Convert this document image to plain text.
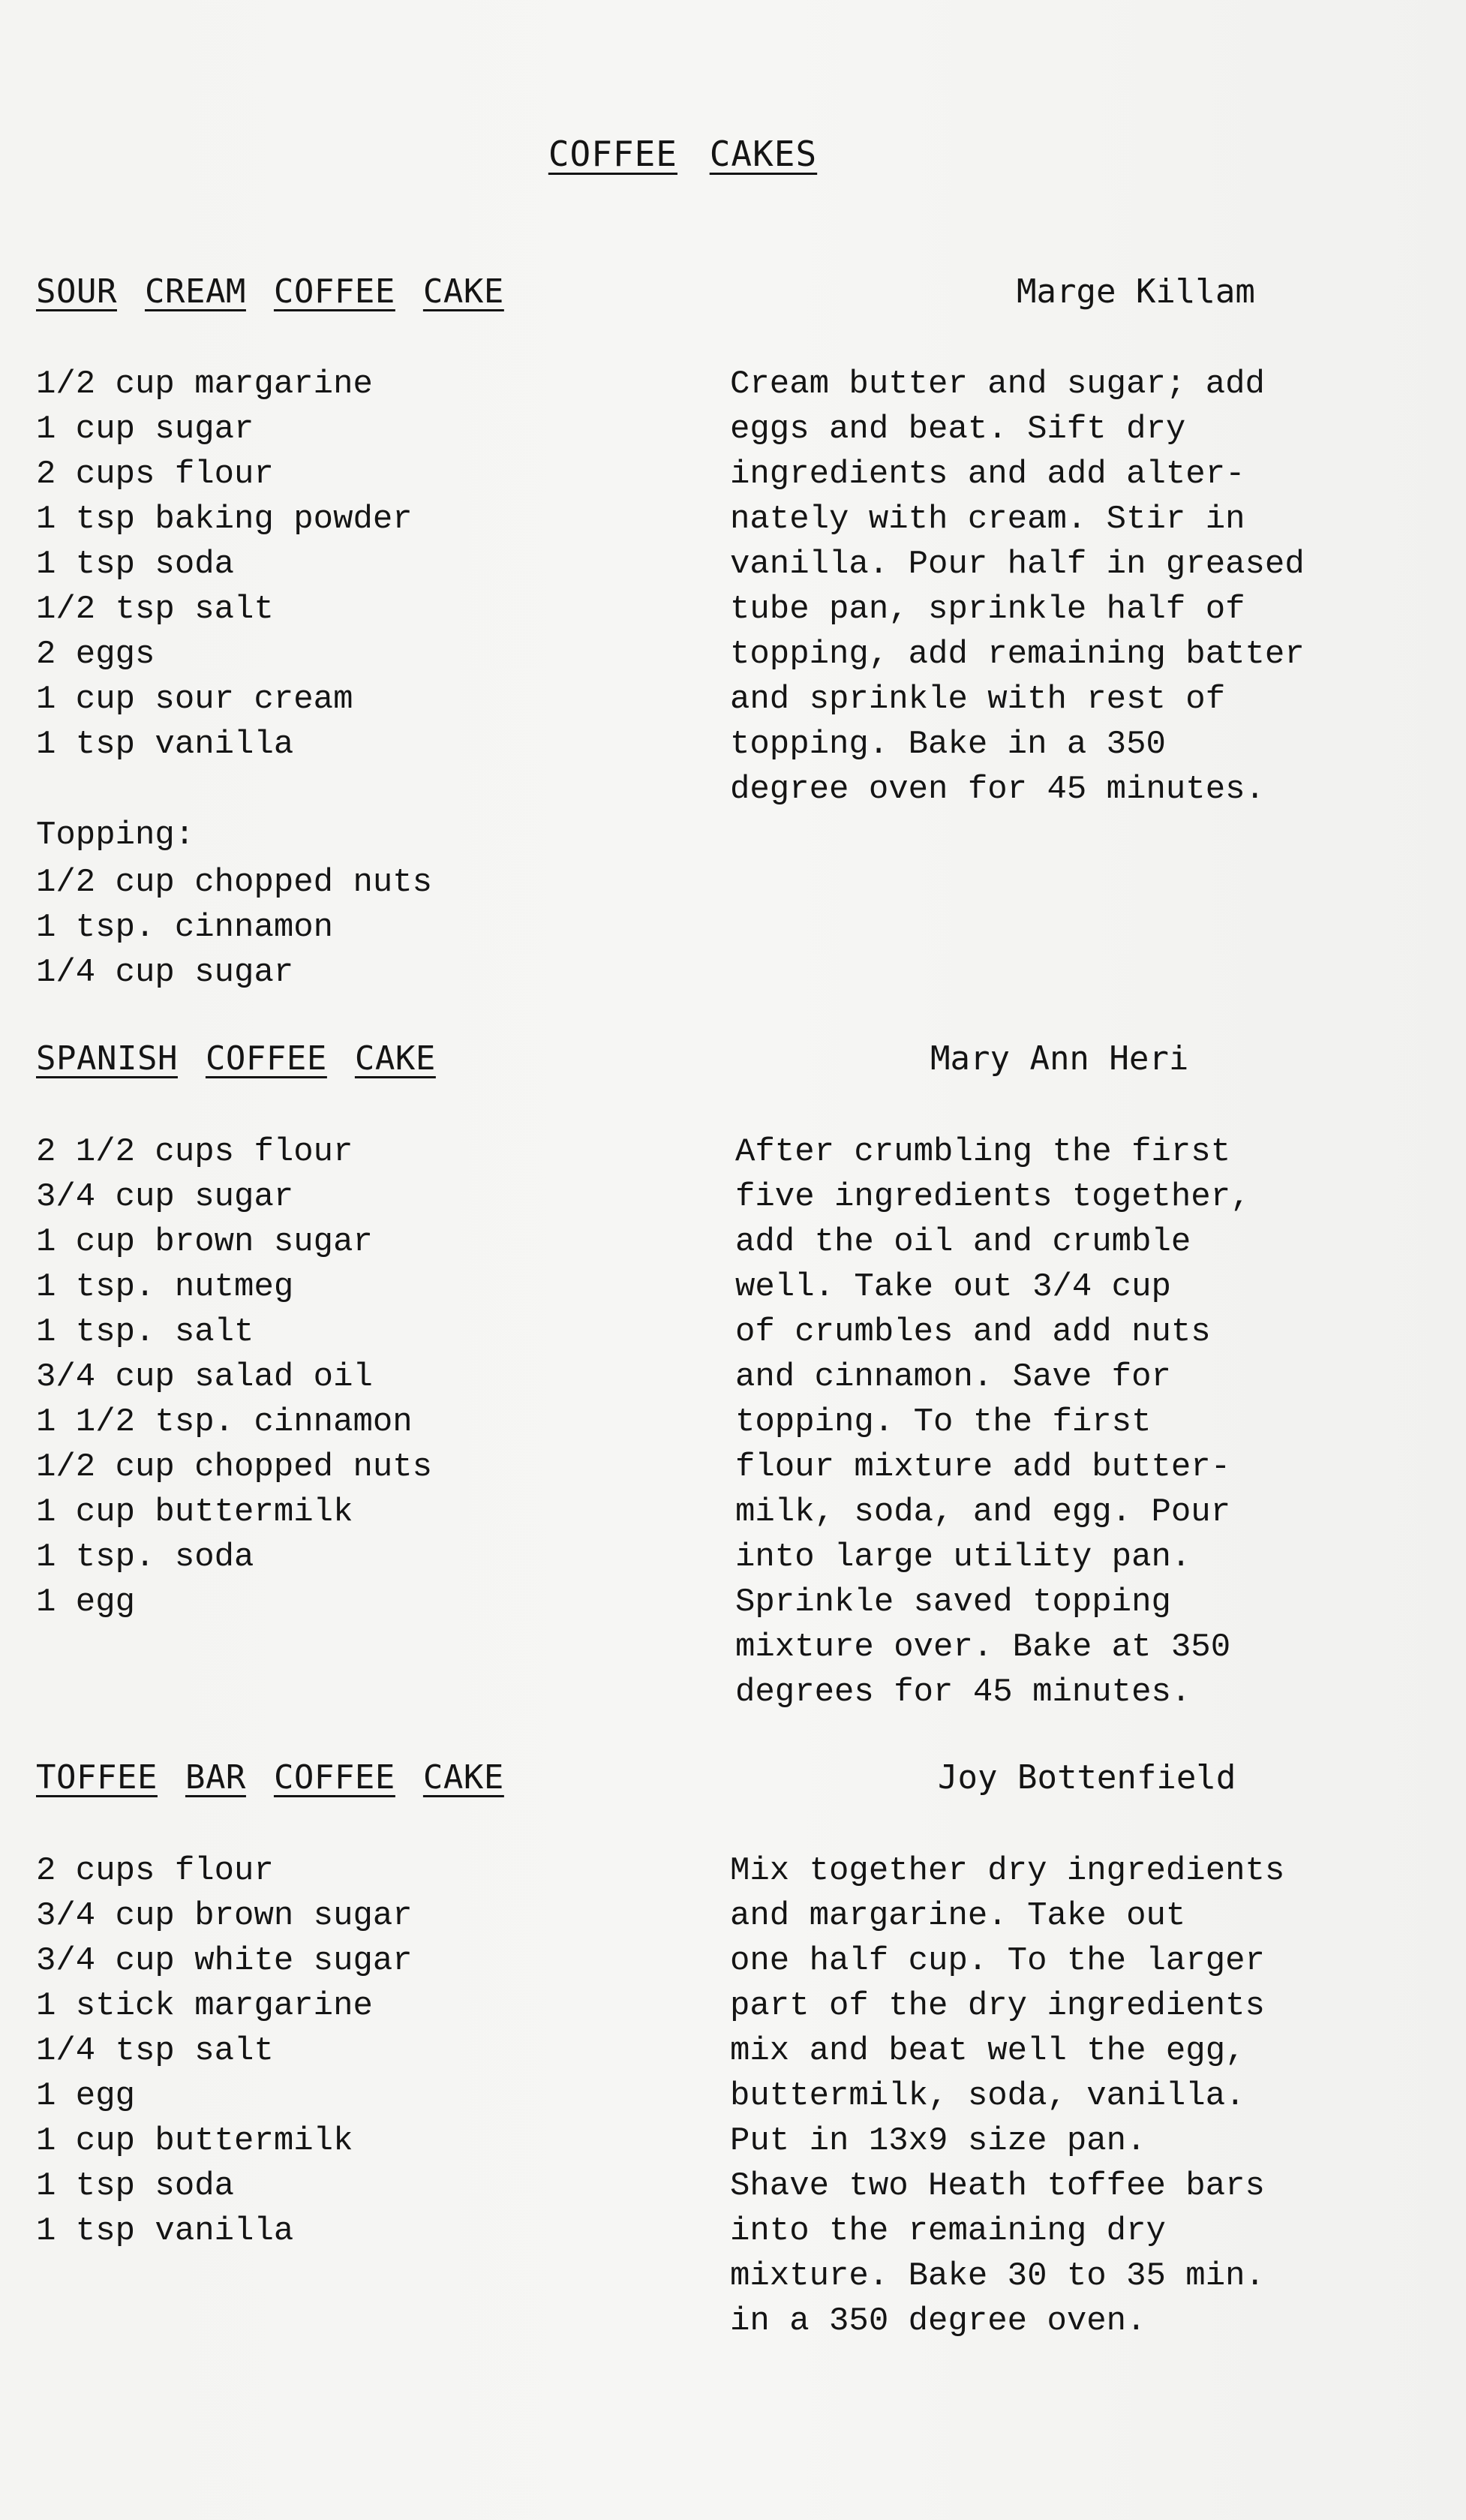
COFFEE CAKES
SOUR CREAM COFFEE CAKE	Marge Killam
1/2 cup margarine
1 cup sugar
2 cups flour
1 tsp baking powder
1 tsp soda
1/2 tsp salt
2 eggs
1 cup sour cream
1 tsp vanilla
Topping:
1/2 cup chopped nuts
1 tsp. cinnamon
1/4 cup sugar
Cream butter and sugar; add
eggs and beat. Sift dry
ingredients and add alter-
nately with cream. Stir in
vanilla. Pour half in greased
tube pan, sprinkle half of
topping, add remaining batter
and sprinkle with rest of
topping. Bake in a 350
degree oven for 45 minutes.
SPANISH COFFEE CAKE	Mary Ann Heri
2 1/2 cups flour
3/4 cup sugar
1 cup brown sugar
1 tsp. nutmeg
1 tsp. salt
3/4 cup salad oil
1 1/2 tsp. cinnamon
1/2 cup chopped nuts
1 cup buttermilk
1 tsp. soda
1 egg
After crumbling the first
five ingredients together,
add the oil and crumble
well. Take out 3/4 cup
of crumbles and add nuts
and cinnamon. Save for
topping. To the first
flour mixture add butter-
milk, soda, and egg. Pour
into large utility pan.
Sprinkle saved topping
mixture over. Bake at 350
degrees for 45 minutes.
TOFFEE BAR COFFEE CAKE	Joy Bottenfield
2 cups flour
3/4 cup brown sugar
3/4 cup white sugar
1 stick margarine
1/4 tsp salt
1 egg
1 cup buttermilk
1 tsp soda
1 tsp vanilla
Mix together dry ingredients
and margarine. Take out
one half cup. To the larger
part of the dry ingredients
mix and beat well the egg,
buttermilk, soda, vanilla.
Put in 13x9 size pan.
Shave two Heath toffee bars
into the remaining dry
mixture. Bake 30 to 35 min.
in a 350 degree oven.
